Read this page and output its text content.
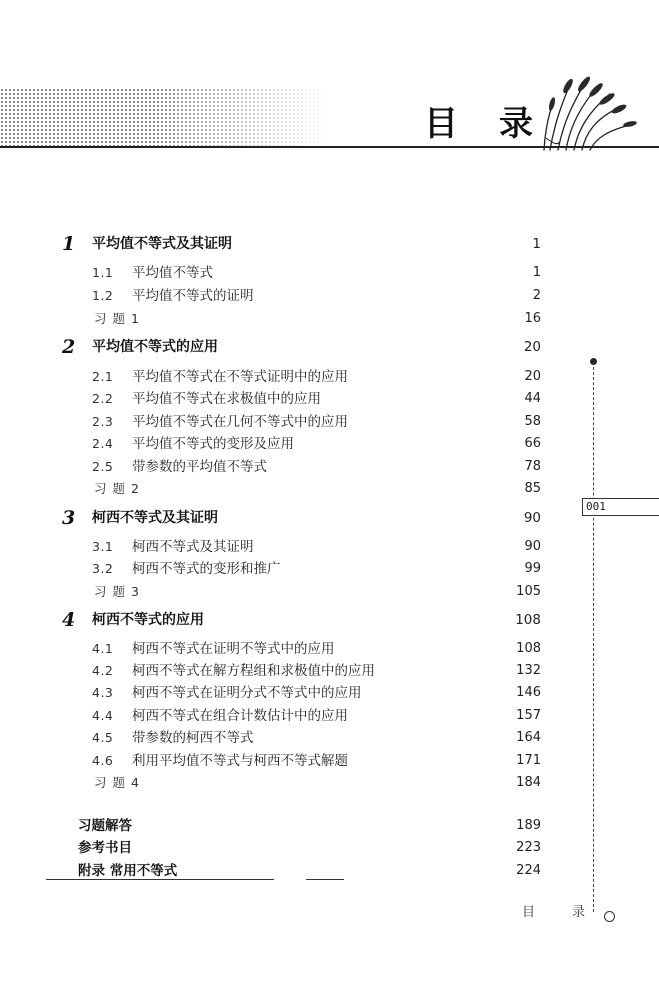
目 录
1 平均值不等式及其证明	1
1.1 平均值不等式	1
1.2 平均值不等式的证明	2
习 题 1	16
2 平均值不等式的应用	20
2.1 平均值不等式在不等式证明中的应用	20
2.2 平均值不等式在求极值中的应用	44
2.3 平均值不等式在几何不等式中的应用	58
2.4 平均值不等式的变形及应用	66
2.5 带参数的平均值不等式	78
习 题 2	85
3 柯西不等式及其证明	90
3.1 柯西不等式及其证明	90
3.2 柯西不等式的变形和推广	99
习 题 3	105
4 柯西不等式的应用	108
4.1 柯西不等式在证明不等式中的应用	108
4.2 柯西不等式在解方程组和求极值中的应用	132
4.3 柯西不等式在证明分式不等式中的应用	146
4.4 柯西不等式在组合计数估计中的应用	157
4.5 带参数的柯西不等式	164
4.6 利用平均值不等式与柯西不等式解题	171
习 题 4	184
习题解答	189
参考书目	223
附录 常用不等式	224
001
目	录
